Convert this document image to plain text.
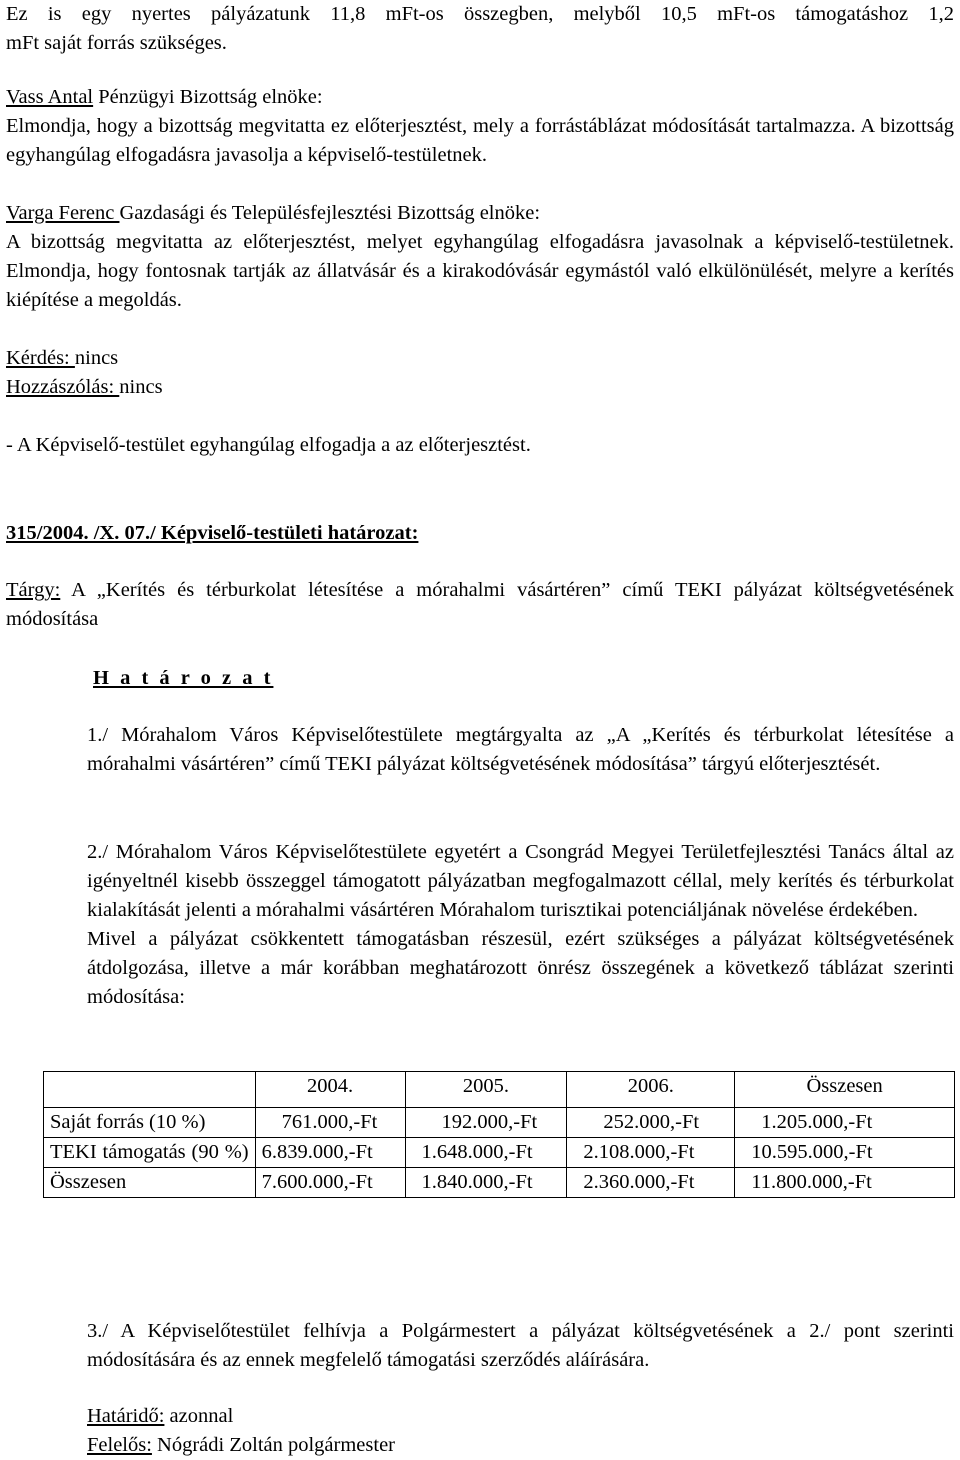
Ez is egy nyertes pályázatunk 11,8 mFt-os összegben, melyből 10,5 mFt-os támogatáshoz 1,2

mFt saját forrás szükséges.

Vass Antal Pénzügyi Bizottság elnöke:

Elmondja, hogy a bizottság megvitatta ez előterjesztést, mely a forrástáblázat módosítását tartalmazza. A bizottság egyhangúlag elfogadásra javasolja a képviselő-testületnek.

Varga Ferenc Gazdasági és Településfejlesztési Bizottság elnöke:

A bizottság megvitatta az előterjesztést, melyet egyhangúlag elfogadásra javasolnak a képviselő-testületnek. Elmondja, hogy fontosnak tartják az állatvásár és a kirakodóvásár egymástól való elkülönülését, melyre a kerítés kiépítése a megoldás.

Kérdés: nincs

Hozzászólás: nincs

- A Képviselő-testület egyhangúlag elfogadja a az előterjesztést.

315/2004. /X. 07./ Képviselő-testületi határozat:

Tárgy: A „Kerítés és térburkolat létesítése a mórahalmi vásártéren” című TEKI pályázat költségvetésének módosítása

H a t á r o z a t

1./ Mórahalom Város Képviselőtestülete megtárgyalta az „A „Kerítés és térburkolat létesítése a mórahalmi vásártéren” című TEKI pályázat költségvetésének módosítása” tárgyú előterjesztését.

2./ Mórahalom Város Képviselőtestülete egyetért a Csongrád Megyei Területfejlesztési Tanács által az igényeltnél kisebb összeggel támogatott pályázatban megfogalmazott céllal, mely kerítés és térburkolat kialakítását jelenti a mórahalmi vásártéren Mórahalom turisztikai potenciáljának növelése érdekében.

Mivel a pályázat csökkentett támogatásban részesül, ezért szükséges a pályázat költségvetésének átdolgozása, illetve a már korábban meghatározott önrész összegének a következő táblázat szerinti módosítása:

	2004.	2005.	2006.	Összesen
Saját forrás (10 %)	761.000,-Ft	192.000,-Ft	252.000,-Ft	1.205.000,-Ft

TEKI támogatás (90 %)	6.839.000,-Ft	1.648.000,-Ft	2.108.000,-Ft	10.595.000,-Ft
Összesen	7.600.000,-Ft	1.840.000,-Ft	2.360.000,-Ft	11.800.000,-Ft

3./ A Képviselőtestület felhívja a Polgármestert a pályázat költségvetésének a 2./ pont szerinti módosítására és az ennek megfelelő támogatási szerződés aláírására.

Határidő: azonnal

Felelős: Nógrádi Zoltán polgármester
